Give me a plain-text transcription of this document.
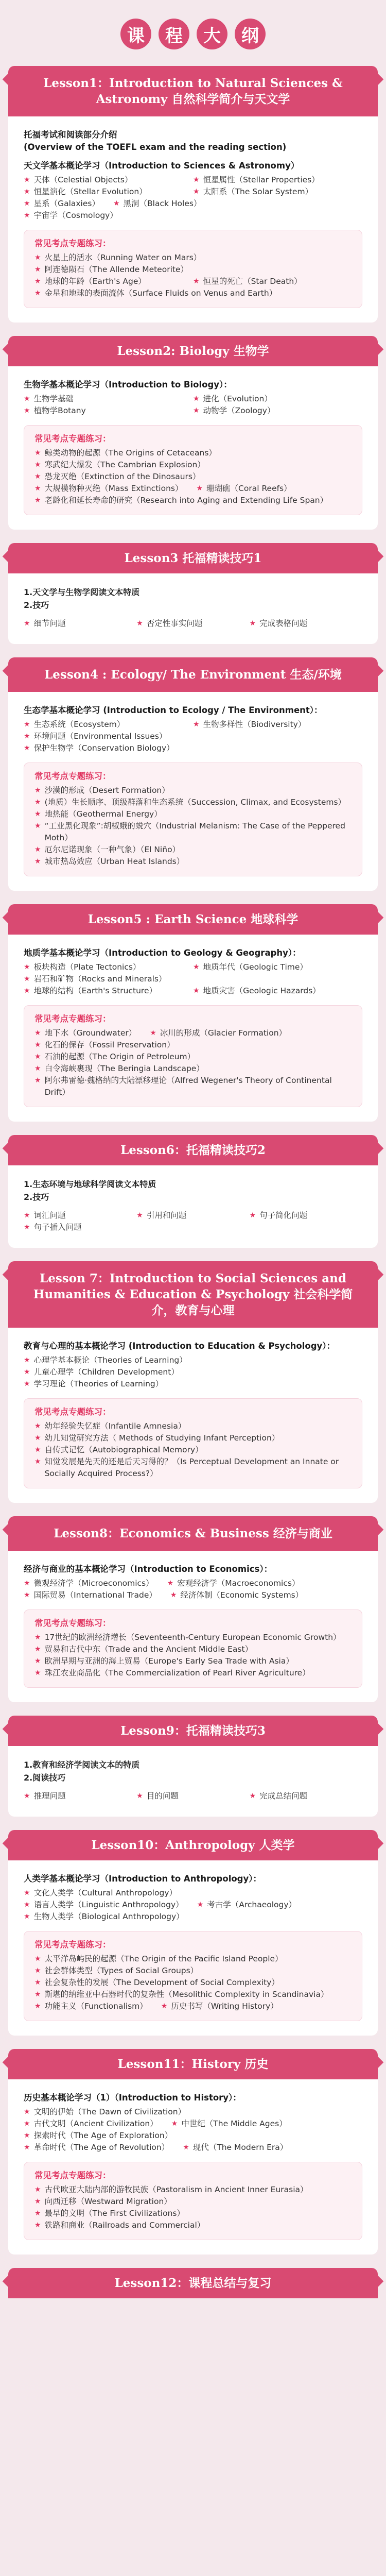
课	程	大	纲
Lesson1：Introduction to Natural Sciences & Astronomy 自然科学简介与天文学
托福考试和阅读部分介绍
(Overview of the TOEFL exam and the reading section)
天文学基本概论学习（Introduction to Sciences & Astronomy）
★ 天体（Celestial Objects）	★ 恒星属性（Stellar Properties）
★ 恒星演化（Stellar Evolution）	★ 太阳系（The Solar System）
★ 星系（Galaxies） ★ 黑洞（Black Holes）
★ 宇宙学（Cosmology）
常见考点专题练习：
★ 火星上的活水（Running Water on Mars）
★ 阿连德陨石（The Allende Meteorite）
★ 地球的年龄（Earth's Age）	★ 恒星的死亡（Star Death）
★ 金星和地球的表面流体（Surface Fluids on Venus and Earth）
Lesson2: Biology 生物学
生物学基本概论学习（Introduction to Biology）：
★ 生物学基础	★ 进化（Evolution）
★ 植物学Botany	★ 动物学（Zoology）
常见考点专题练习：
★ 鲸类动物的起源（The Origins of Cetaceans）
★ 寒武纪大爆发（The Cambrian Explosion）
★ 恐龙灭绝（Extinction of the Dinosaurs）
★ 大规模物种灭绝（Mass Extinctions） ★ 珊瑚礁（Coral Reefs）
★ 老龄化和延长寿命的研究（Research into Aging and Extending Life Span）
Lesson3 托福精读技巧1
1.天文学与生物学阅读文本特质
2.技巧
★ 细节问题	★ 否定性事实问题	★ 完成表格问题
Lesson4 : Ecology/ The Environment 生态/环境
生态学基本概论学习 (Introduction to Ecology / The Environment）：
★ 生态系统（Ecosystem）	★ 生物多样性（Biodiversity）
★ 环境问题（Environmental Issues）
★ 保护生物学（Conservation Biology）
常见考点专题练习：
★ 沙漠的形成（Desert Formation）
★ (地质）生长顺序、顶级群落和生态系统（Succession, Climax, and Ecosystems）
★ 地热能（Geothermal Energy）
★ “工业黑化现象”:胡椒蛾的蜕穴（Industrial Melanism: The Case of the Peppered Moth）
★ 厄尔尼诺现象（一种气象）（El Niño）
★ 城市热岛效应（Urban Heat Islands）
Lesson5 : Earth Science 地球科学
地质学基本概论学习（Introduction to Geology & Geography）：
★ 板块构造（Plate Tectonics）	★ 地质年代（Geologic Time）
★ 岩石和矿物（Rocks and Minerals）
★ 地球的结构（Earth's Structure）	★ 地质灾害（Geologic Hazards）
常见考点专题练习：
★ 地下水（Groundwater） ★ 冰川的形成（Glacier Formation）
★ 化石的保存（Fossil Preservation）
★ 石油的起源（The Origin of Petroleum）
★ 白令海峡裹现（The Beringia Landscape）
★ 阿尔弗雷德·魏格纳的大陆漂移理论（Alfred Wegener's Theory of Continental Drift）
Lesson6：托福精读技巧2
1.生态环境与地球科学阅读文本特质
2.技巧
★ 词汇问题	★ 引用和问题	★ 句子简化问题
★ 句子插入问题
Lesson 7：Introduction to Social Sciences and Humanities & Education & Psychology 社会科学简介，教育与心理
教育与心理的基本概论学习 (Introduction to Education & Psychology）：
★ 心理学基本概论（Theories of Learning）
★ 儿童心理学（Children Development）
★ 学习理论（Theories of Learning）
常见考点专题练习：
★ 幼年经验失忆症（Infantile Amnesia）
★ 幼儿知觉研究方法（ Methods of Studying Infant Perception）
★ 自传式记忆（Autobiographical Memory）
★ 知觉发展是先天的还是后天习得的？（Is Perceptual Development an Innate or Socially Acquired Process?）
Lesson8：Economics & Business 经济与商业
经济与商业的基本概论学习（Introduction to Economics）：
★ 微观经济学（Microeconomics） ★ 宏观经济学（Macroeconomics）
★ 国际贸易（International Trade） ★ 经济体制（Economic Systems）
常见考点专题练习：
★ 17世纪的欧洲经济增长（Seventeenth-Century European Economic Growth）
★ 贸易和古代中东（Trade and the Ancient Middle East）
★ 欧洲早期与亚洲的海上贸易（Europe's Early Sea Trade with Asia）
★ 珠江农业商品化（The Commercialization of Pearl River Agriculture）
Lesson9：托福精读技巧3
1.教育和经济学阅读文本的特质
2.阅读技巧
★ 推理问题	★ 目的问题	★ 完成总结问题
Lesson10：Anthropology 人类学
人类学基本概论学习（Introduction to Anthropology）：
★ 文化人类学（Cultural Anthropology）
★ 语言人类学（Linguistic Anthropology） ★ 考古学（Archaeology）
★ 生物人类学（Biological Anthropology）
常见考点专题练习：
★ 太平洋岛屿民的起源（The Origin of the Pacific Island People）
★ 社会群体类型（Types of Social Groups）
★ 社会复杂性的发展（The Development of Social Complexity）
★ 斯堪的纳维亚中石器时代的复杂性（Mesolithic Complexity in Scandinavia）
★ 功能主义（Functionalism） ★ 历史书写（Writing History）
Lesson11：History 历史
历史基本概论学习（1）（Introduction to History）：
★ 文明的伊始（The Dawn of Civilization）
★ 古代文明（Ancient Civilization） ★ 中世纪（The Middle Ages）
★ 探索时代（The Age of Exploration）
★ 革命时代（The Age of Revolution） ★ 现代（The Modern Era）
常见考点专题练习：
★ 古代欧亚大陆内部的游牧民族（Pastoralism in Ancient Inner Eurasia）
★ 向西迁移（Westward Migration）
★ 最早的文明（The First Civilizations）
★ 铁路和商业（Railroads and Commercial）
Lesson12：课程总结与复习
